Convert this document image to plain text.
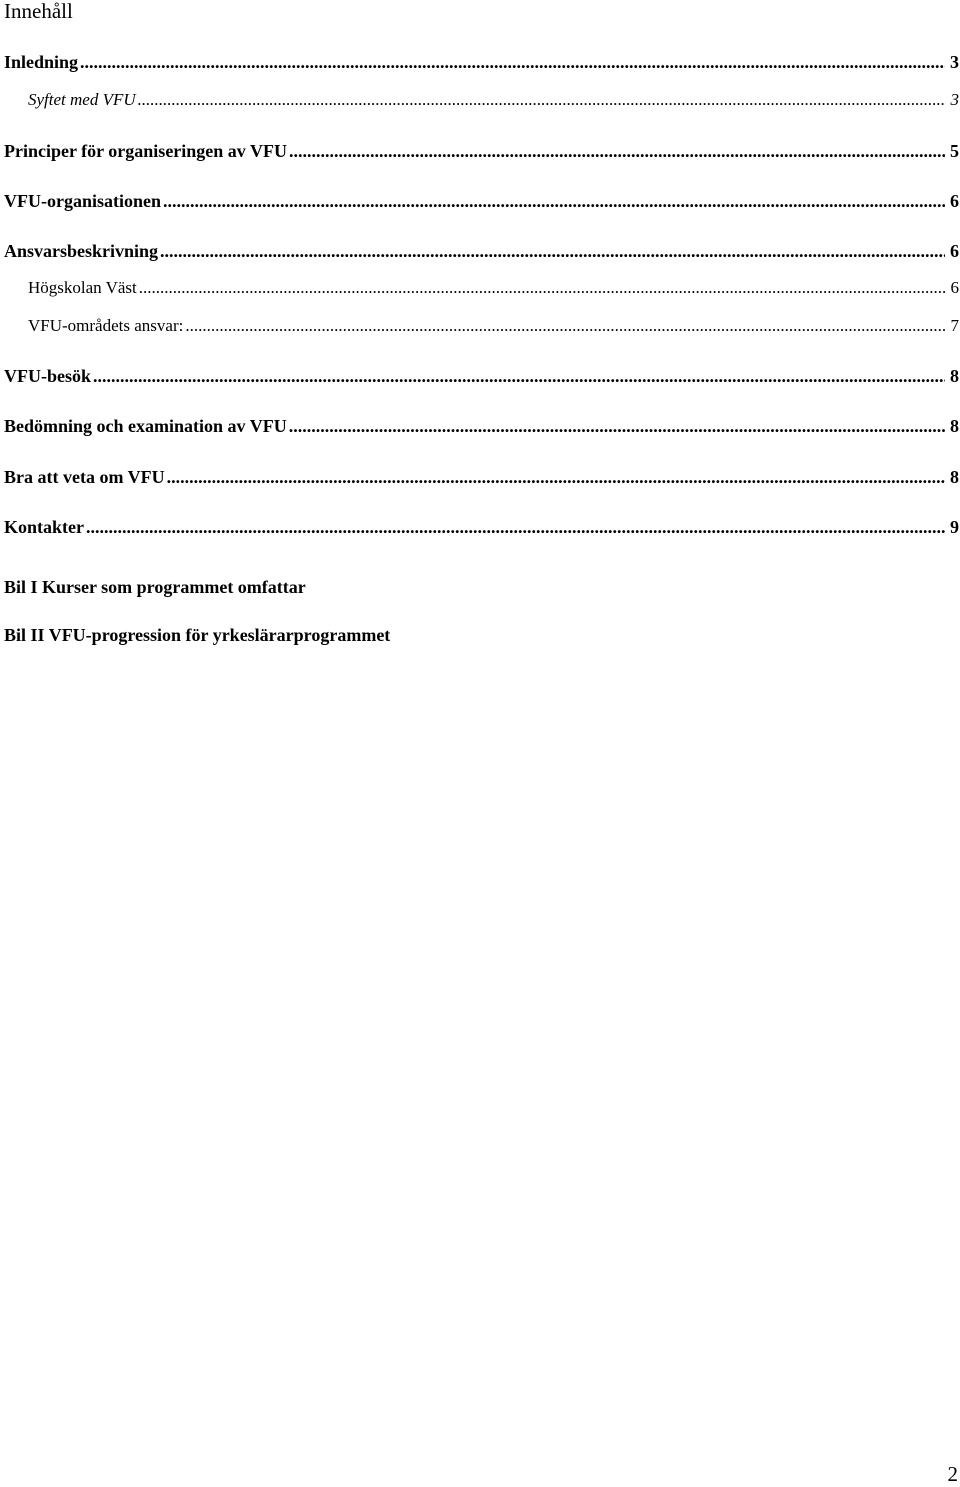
Innehåll
Inledning .....	3
Syftet med VFU .....	3
Principer för organiseringen av VFU .....	5
VFU-organisationen .....	6
Ansvarsbeskrivning .....	6
Högskolan Väst .....	6
VFU-områdets ansvar: .....	7
VFU-besök .....	8
Bedömning och examination av VFU .....	8
Bra att veta om VFU .....	8
Kontakter .....	9
Bil I Kurser som programmet omfattar
Bil II VFU-progression för yrkeslärarprogrammet
2
